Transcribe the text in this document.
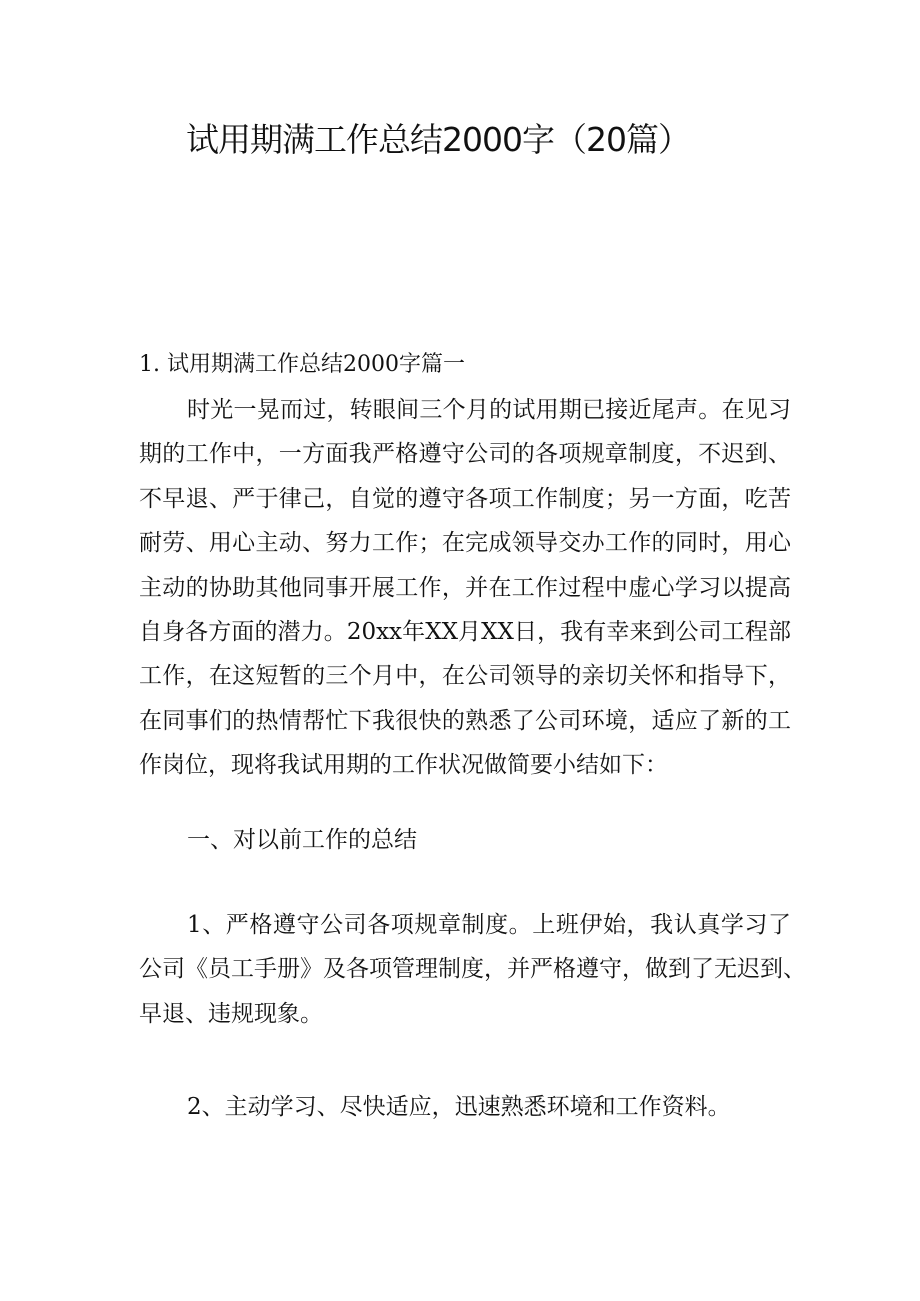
试用期满工作总结2000字（20篇）
1. 试用期满工作总结2000字篇一
时光一晃而过，转眼间三个月的试用期已接近尾声。在见习
期的工作中，一方面我严格遵守公司的各项规章制度，不迟到、
不早退、严于律己，自觉的遵守各项工作制度；另一方面，吃苦
耐劳、用心主动、努力工作；在完成领导交办工作的同时，用心
主动的协助其他同事开展工作，并在工作过程中虚心学习以提高
自身各方面的潜力。20xx年XX月XX日，我有幸来到公司工程部
工作，在这短暂的三个月中，在公司领导的亲切关怀和指导下，
在同事们的热情帮忙下我很快的熟悉了公司环境，适应了新的工
作岗位，现将我试用期的工作状况做简要小结如下：
一、对以前工作的总结
1、严格遵守公司各项规章制度。上班伊始，我认真学习了
公司《员工手册》及各项管理制度，并严格遵守，做到了无迟到、
早退、违规现象。
2、主动学习、尽快适应，迅速熟悉环境和工作资料。
